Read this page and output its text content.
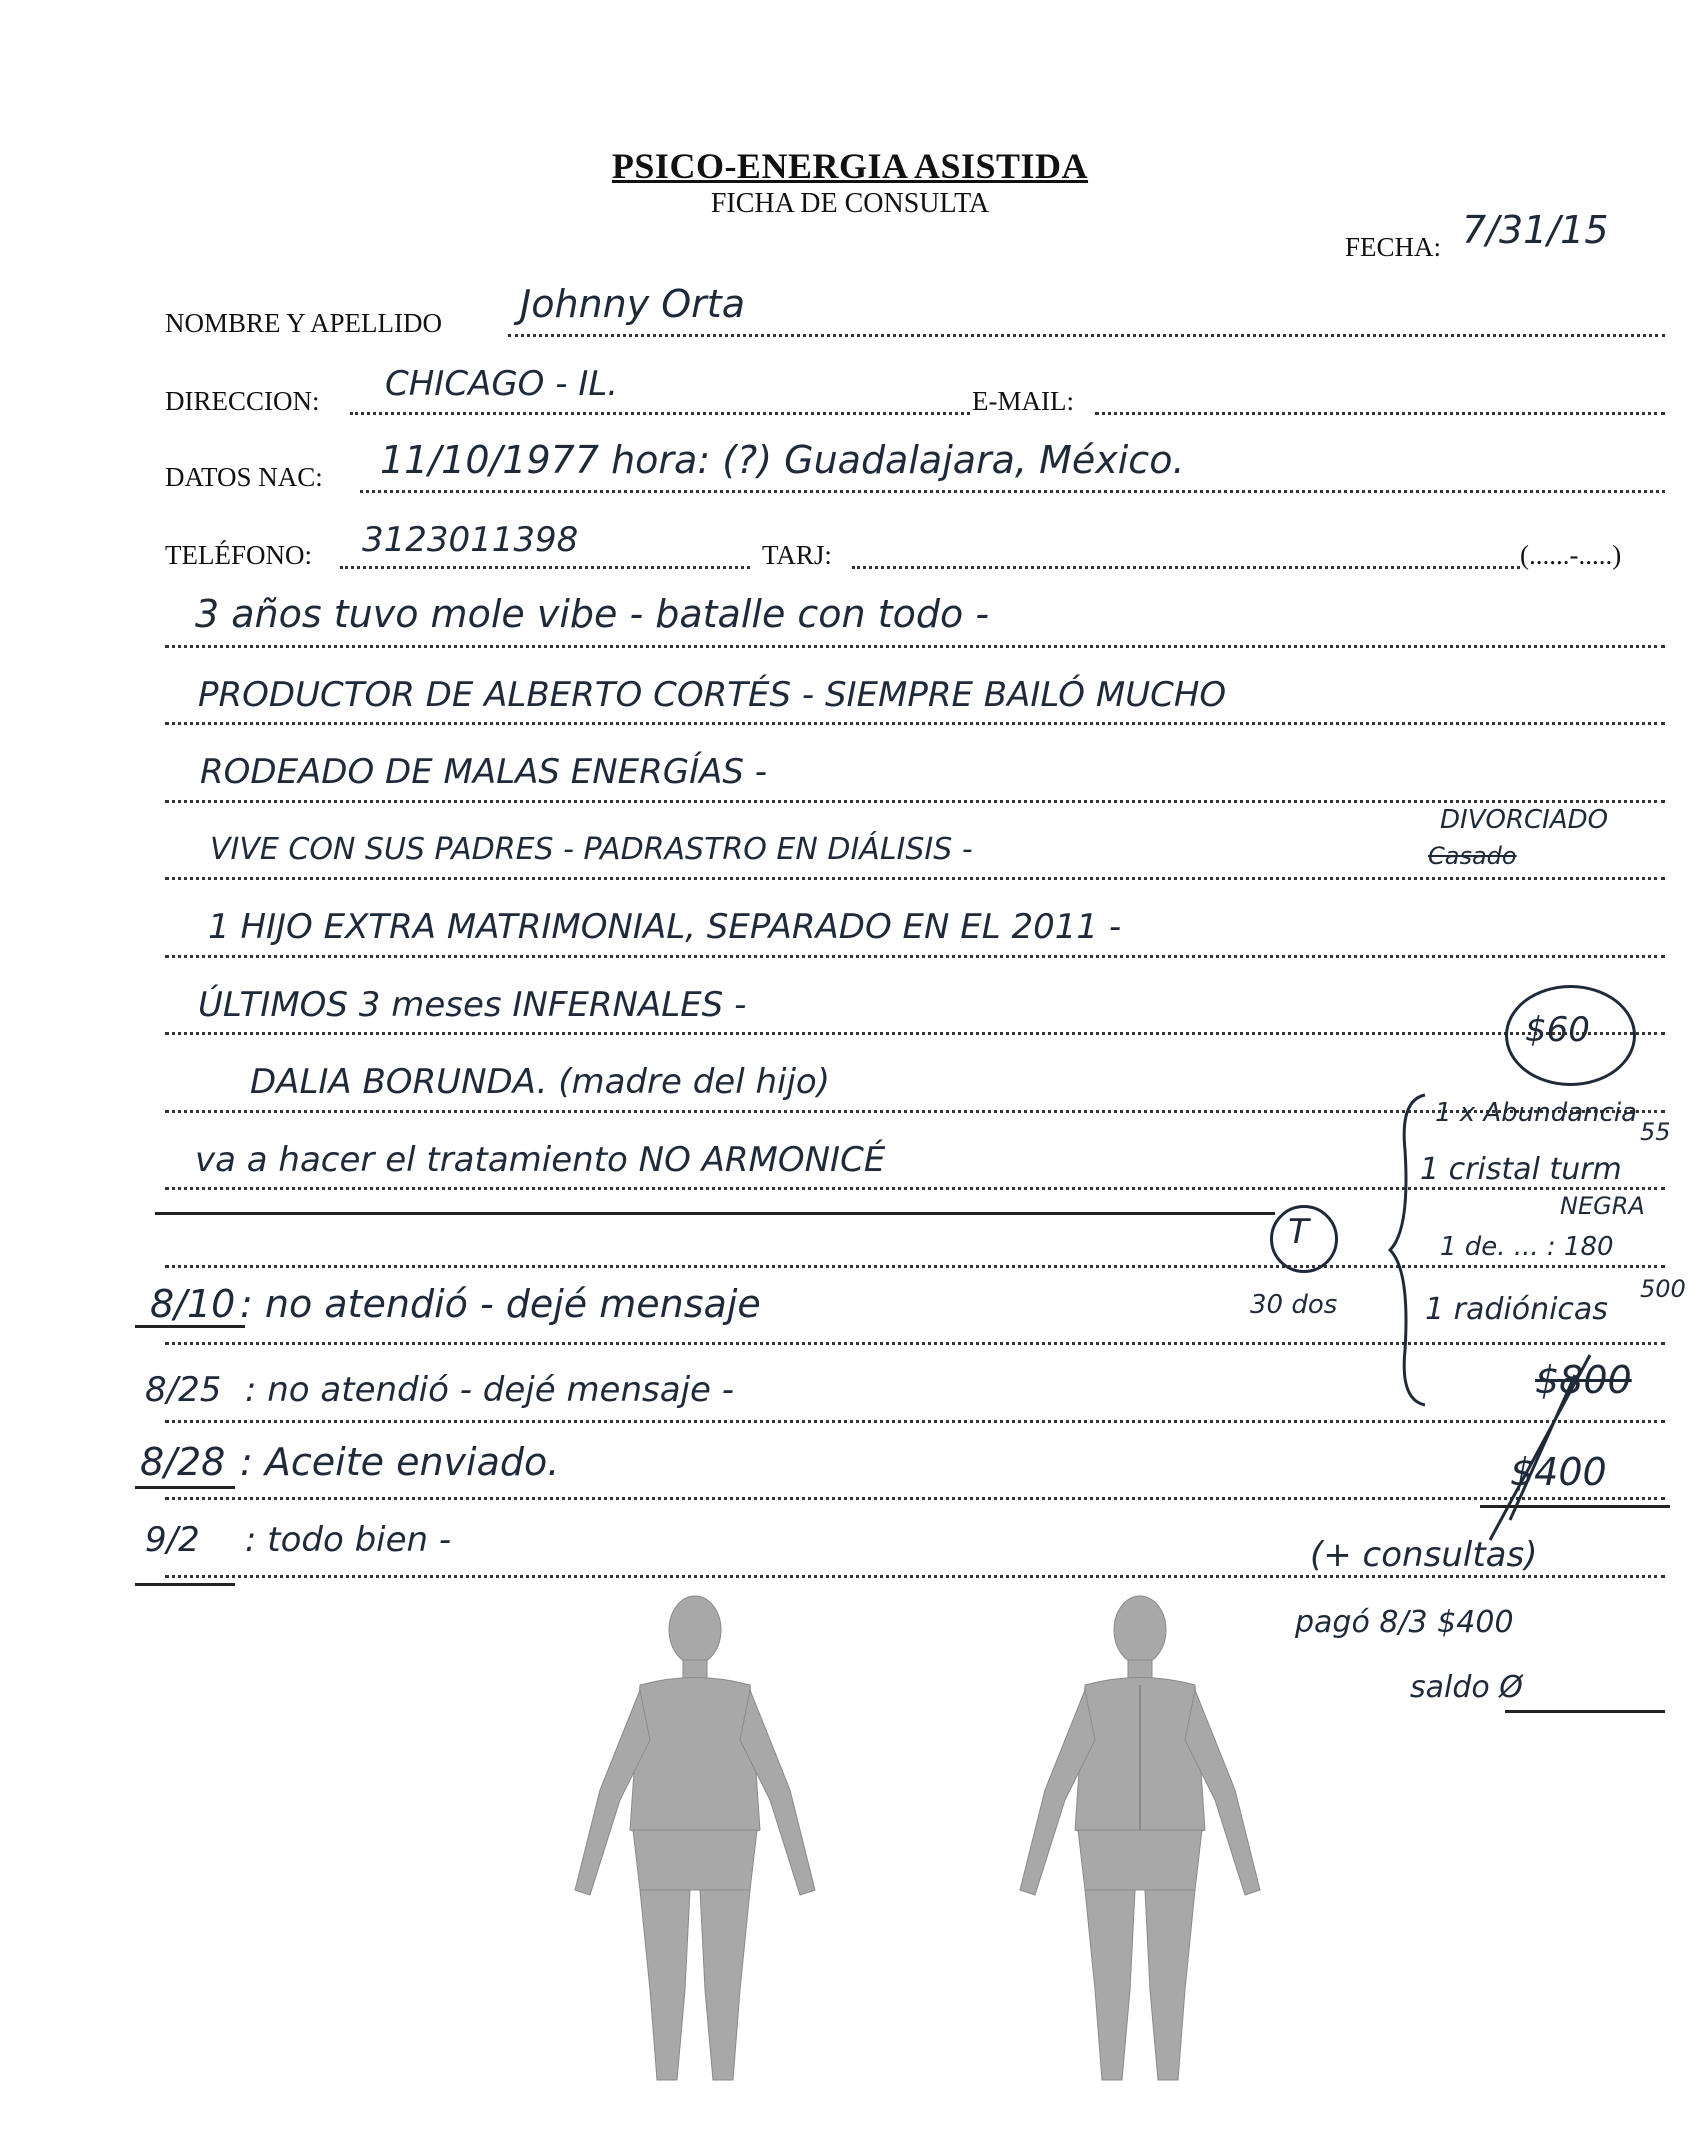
PSICO-ENERGIA ASISTIDA
FICHA DE CONSULTA
FECHA: 7/31/15
NOMBRE Y APELLIDO Johnny Orta
DIRECCION: CHICAGO - IL.	E-MAIL:
DATOS NAC: 11/10/1977 hora: (?) Guadalajara, México.
TELÉFONO: 3123011398	TARJ:	(......-.....)
3 años tuvo mole vibe - batalle con todo -
PRODUCTOR DE ALBERTO CORTÉS - SIEMPRE BAILÓ MUCHO
RODEADO DE MALAS ENERGÍAS -
VIVE CON SUS PADRES - PADRASTRO EN DIÁLISIS -	Casado
DIVORCIADO
1 HIJO EXTRA MATRIMONIAL, SEPARADO EN EL 2011 -
ÚLTIMOS 3 meses INFERNALES -
DALIA BORUNDA. (madre del hijo)
va a hacer el tratamiento NO ARMONICÉ
8/10 : no atendió - dejé mensaje
8/25 : no atendió - dejé mensaje -
8/28 : Aceite enviado.
9/2 : todo bien -
$60
T
30 dos
1 x Abundancia
55
1 cristal turm
NEGRA
1 de. ... : 180
1 radiónicas
500
$800
$400
(+ consultas)
pagó 8/3 $400
saldo Ø
